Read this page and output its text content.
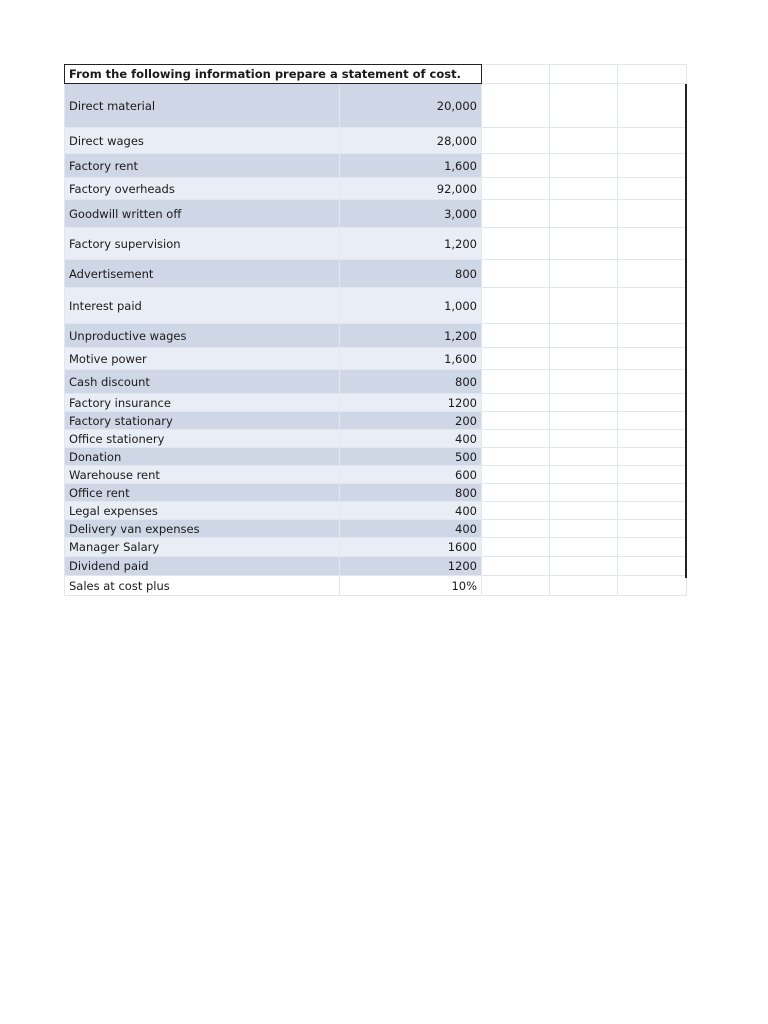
From the following information prepare a statement of cost.				
Direct material	20,000			
Direct wages	28,000			
Factory rent	1,600			
Factory overheads	92,000			
Goodwill written off	3,000			
Factory supervision	1,200			
Advertisement	800			
Interest paid	1,000			
Unproductive wages	1,200			
Motive power	1,600			
Cash discount	800			
Factory insurance	1200			
Factory stationary	200			
Office stationery	400			
Donation	500			
Warehouse rent	600			
Office rent	800			
Legal expenses	400			
Delivery van expenses	400			
Manager Salary	1600			
Dividend paid	1200			
Sales at cost plus	10%			
